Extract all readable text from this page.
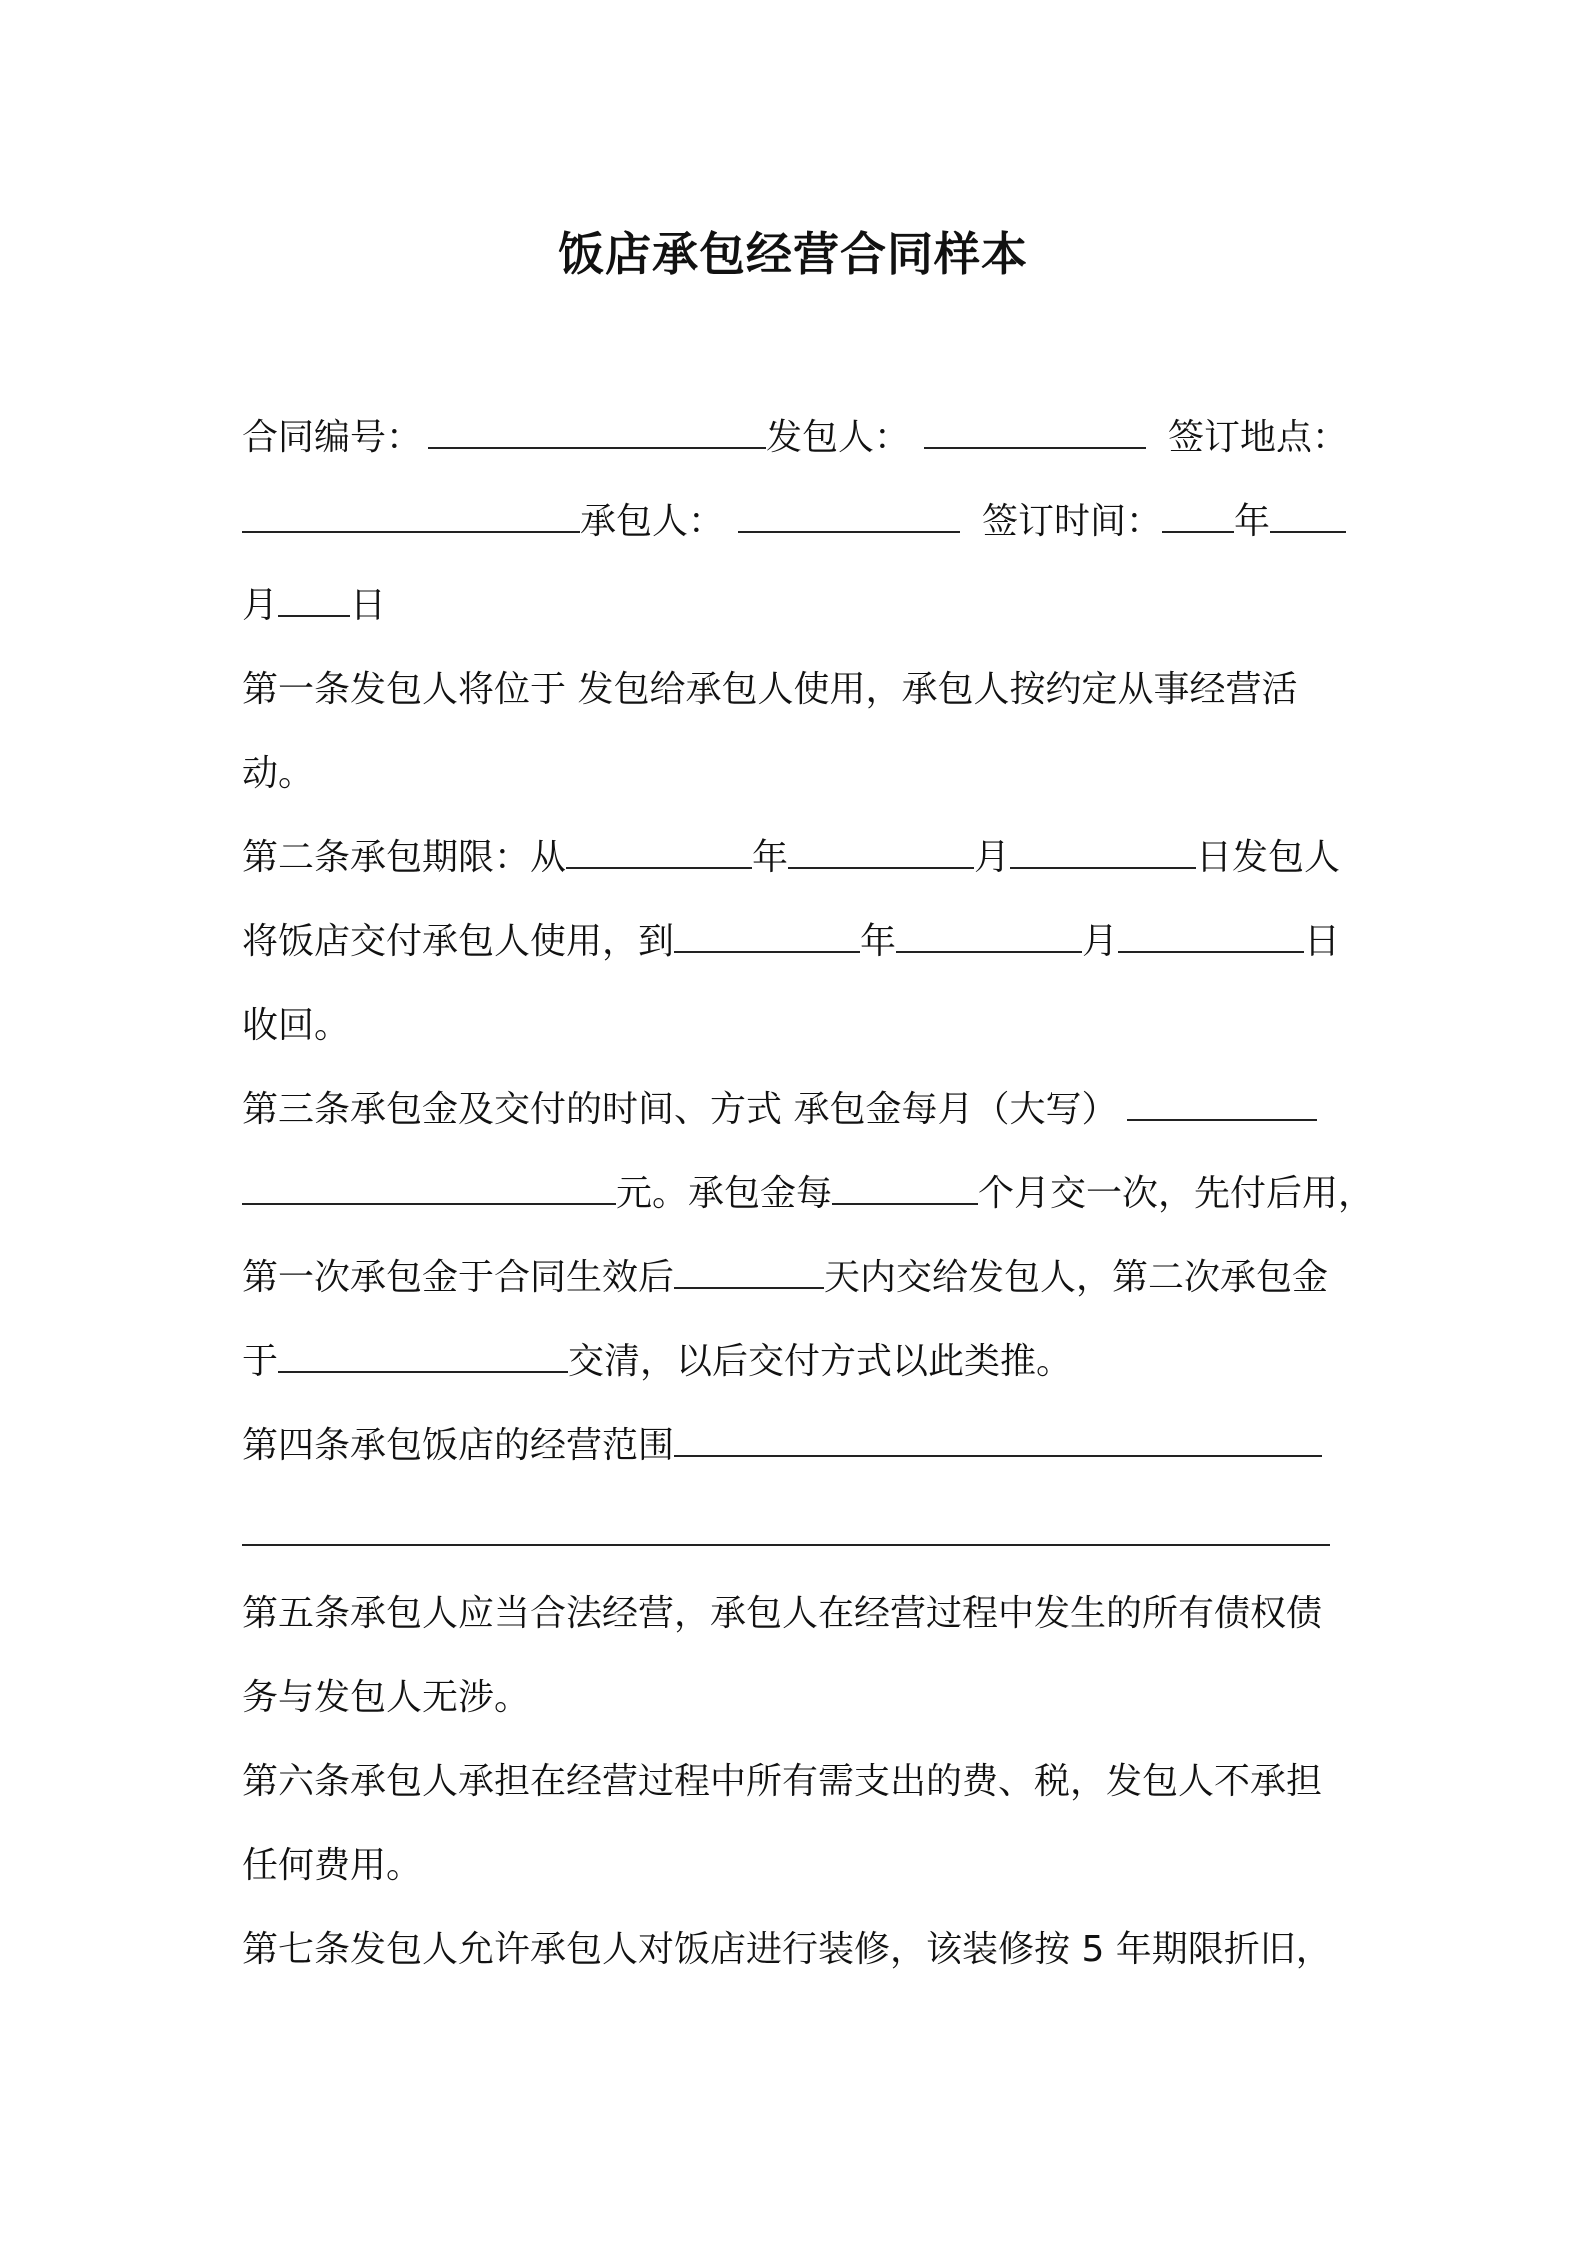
饭店承包经营合同样本
合同编号：	发包人：	签订地点：
承包人：	签订时间： 年
月 日
第一条发包人将位于 发包给承包人使用，承包人按约定从事经营活
动。
第二条承包期限：从	年	月	日发包人
将饭店交付承包人使用，到	年	月	日
收回。
第三条承包金及交付的时间、方式 承包金每月（大写）
元。承包金每	个月交一次，先付后用，
第一次承包金于合同生效后	天内交给发包人，第二次承包金
于	交清，以后交付方式以此类推。
第四条承包饭店的经营范围
第五条承包人应当合法经营，承包人在经营过程中发生的所有债权债
务与发包人无涉。
第六条承包人承担在经营过程中所有需支出的费、税，发包人不承担
任何费用。
第七条发包人允许承包人对饭店进行装修，该装修按 5 年期限折旧，
